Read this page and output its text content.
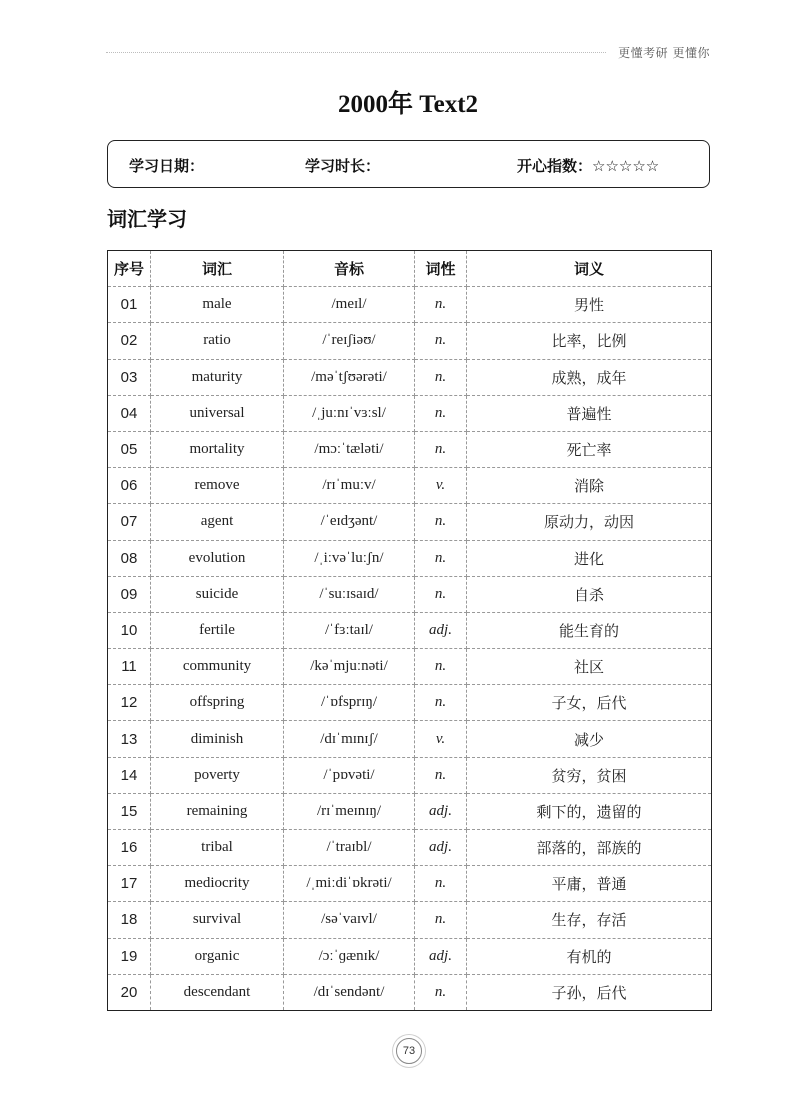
更懂考研 更懂你
2000年 Text2
学习日期：	学习时长：	开心指数：☆☆☆☆☆
词汇学习
序号	词汇	音标	词性	词义
01	male	/meɪl/	n.	男性
02	ratio	/ˈreɪʃiəʊ/	n.	比率，比例
03	maturity	/məˈtʃʊərəti/	n.	成熟，成年
04	universal	/ˌjuːnɪˈvɜːsl/	n.	普遍性
05	mortality	/mɔːˈtæləti/	n.	死亡率
06	remove	/rɪˈmuːv/	v.	消除
07	agent	/ˈeɪdʒənt/	n.	原动力，动因
08	evolution	/ˌiːvəˈluːʃn/	n.	进化
09	suicide	/ˈsuːɪsaɪd/	n.	自杀
10	fertile	/ˈfɜːtaɪl/	adj.	能生育的
11	community	/kəˈmjuːnəti/	n.	社区
12	offspring	/ˈɒfsprɪŋ/	n.	子女，后代
13	diminish	/dɪˈmɪnɪʃ/	v.	减少
14	poverty	/ˈpɒvəti/	n.	贫穷，贫困
15	remaining	/rɪˈmeɪnɪŋ/	adj.	剩下的，遗留的
16	tribal	/ˈtraɪbl/	adj.	部落的，部族的
17	mediocrity	/ˌmiːdiˈɒkrəti/	n.	平庸，普通
18	survival	/səˈvaɪvl/	n.	生存，存活
19	organic	/ɔːˈɡænɪk/	adj.	有机的
20	descendant	/dɪˈsendənt/	n.	子孙，后代
73
